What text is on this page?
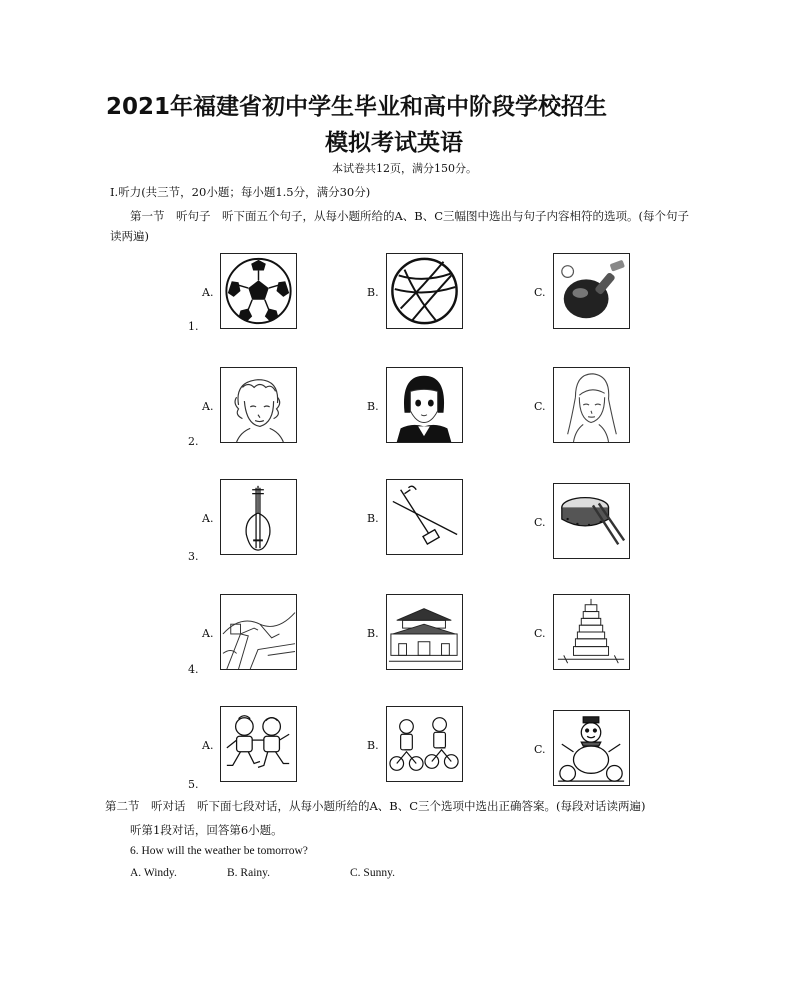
2021年福建省初中学生毕业和高中阶段学校招生
模拟考试英语
本试卷共12页，满分150分。
Ⅰ.听力(共三节，20小题；每小题1.5分，满分30分)
第一节　听句子　听下面五个句子，从每小题所给的A、B、C三幅图中选出与句子内容相符的选项。(每个句子读两遍)
1.
A.	B.	C.
2.
A.	B.	C.
3.
A.	B.	C.
4.
A.	B.	C.
5.
A.	B.	C.
第二节　听对话　听下面七段对话，从每小题所给的A、B、C三个选项中选出正确答案。(每段对话读两遍)
听第1段对话，回答第6小题。
6. How will the weather be tomorrow?
A. Windy.	B. Rainy.	C. Sunny.
